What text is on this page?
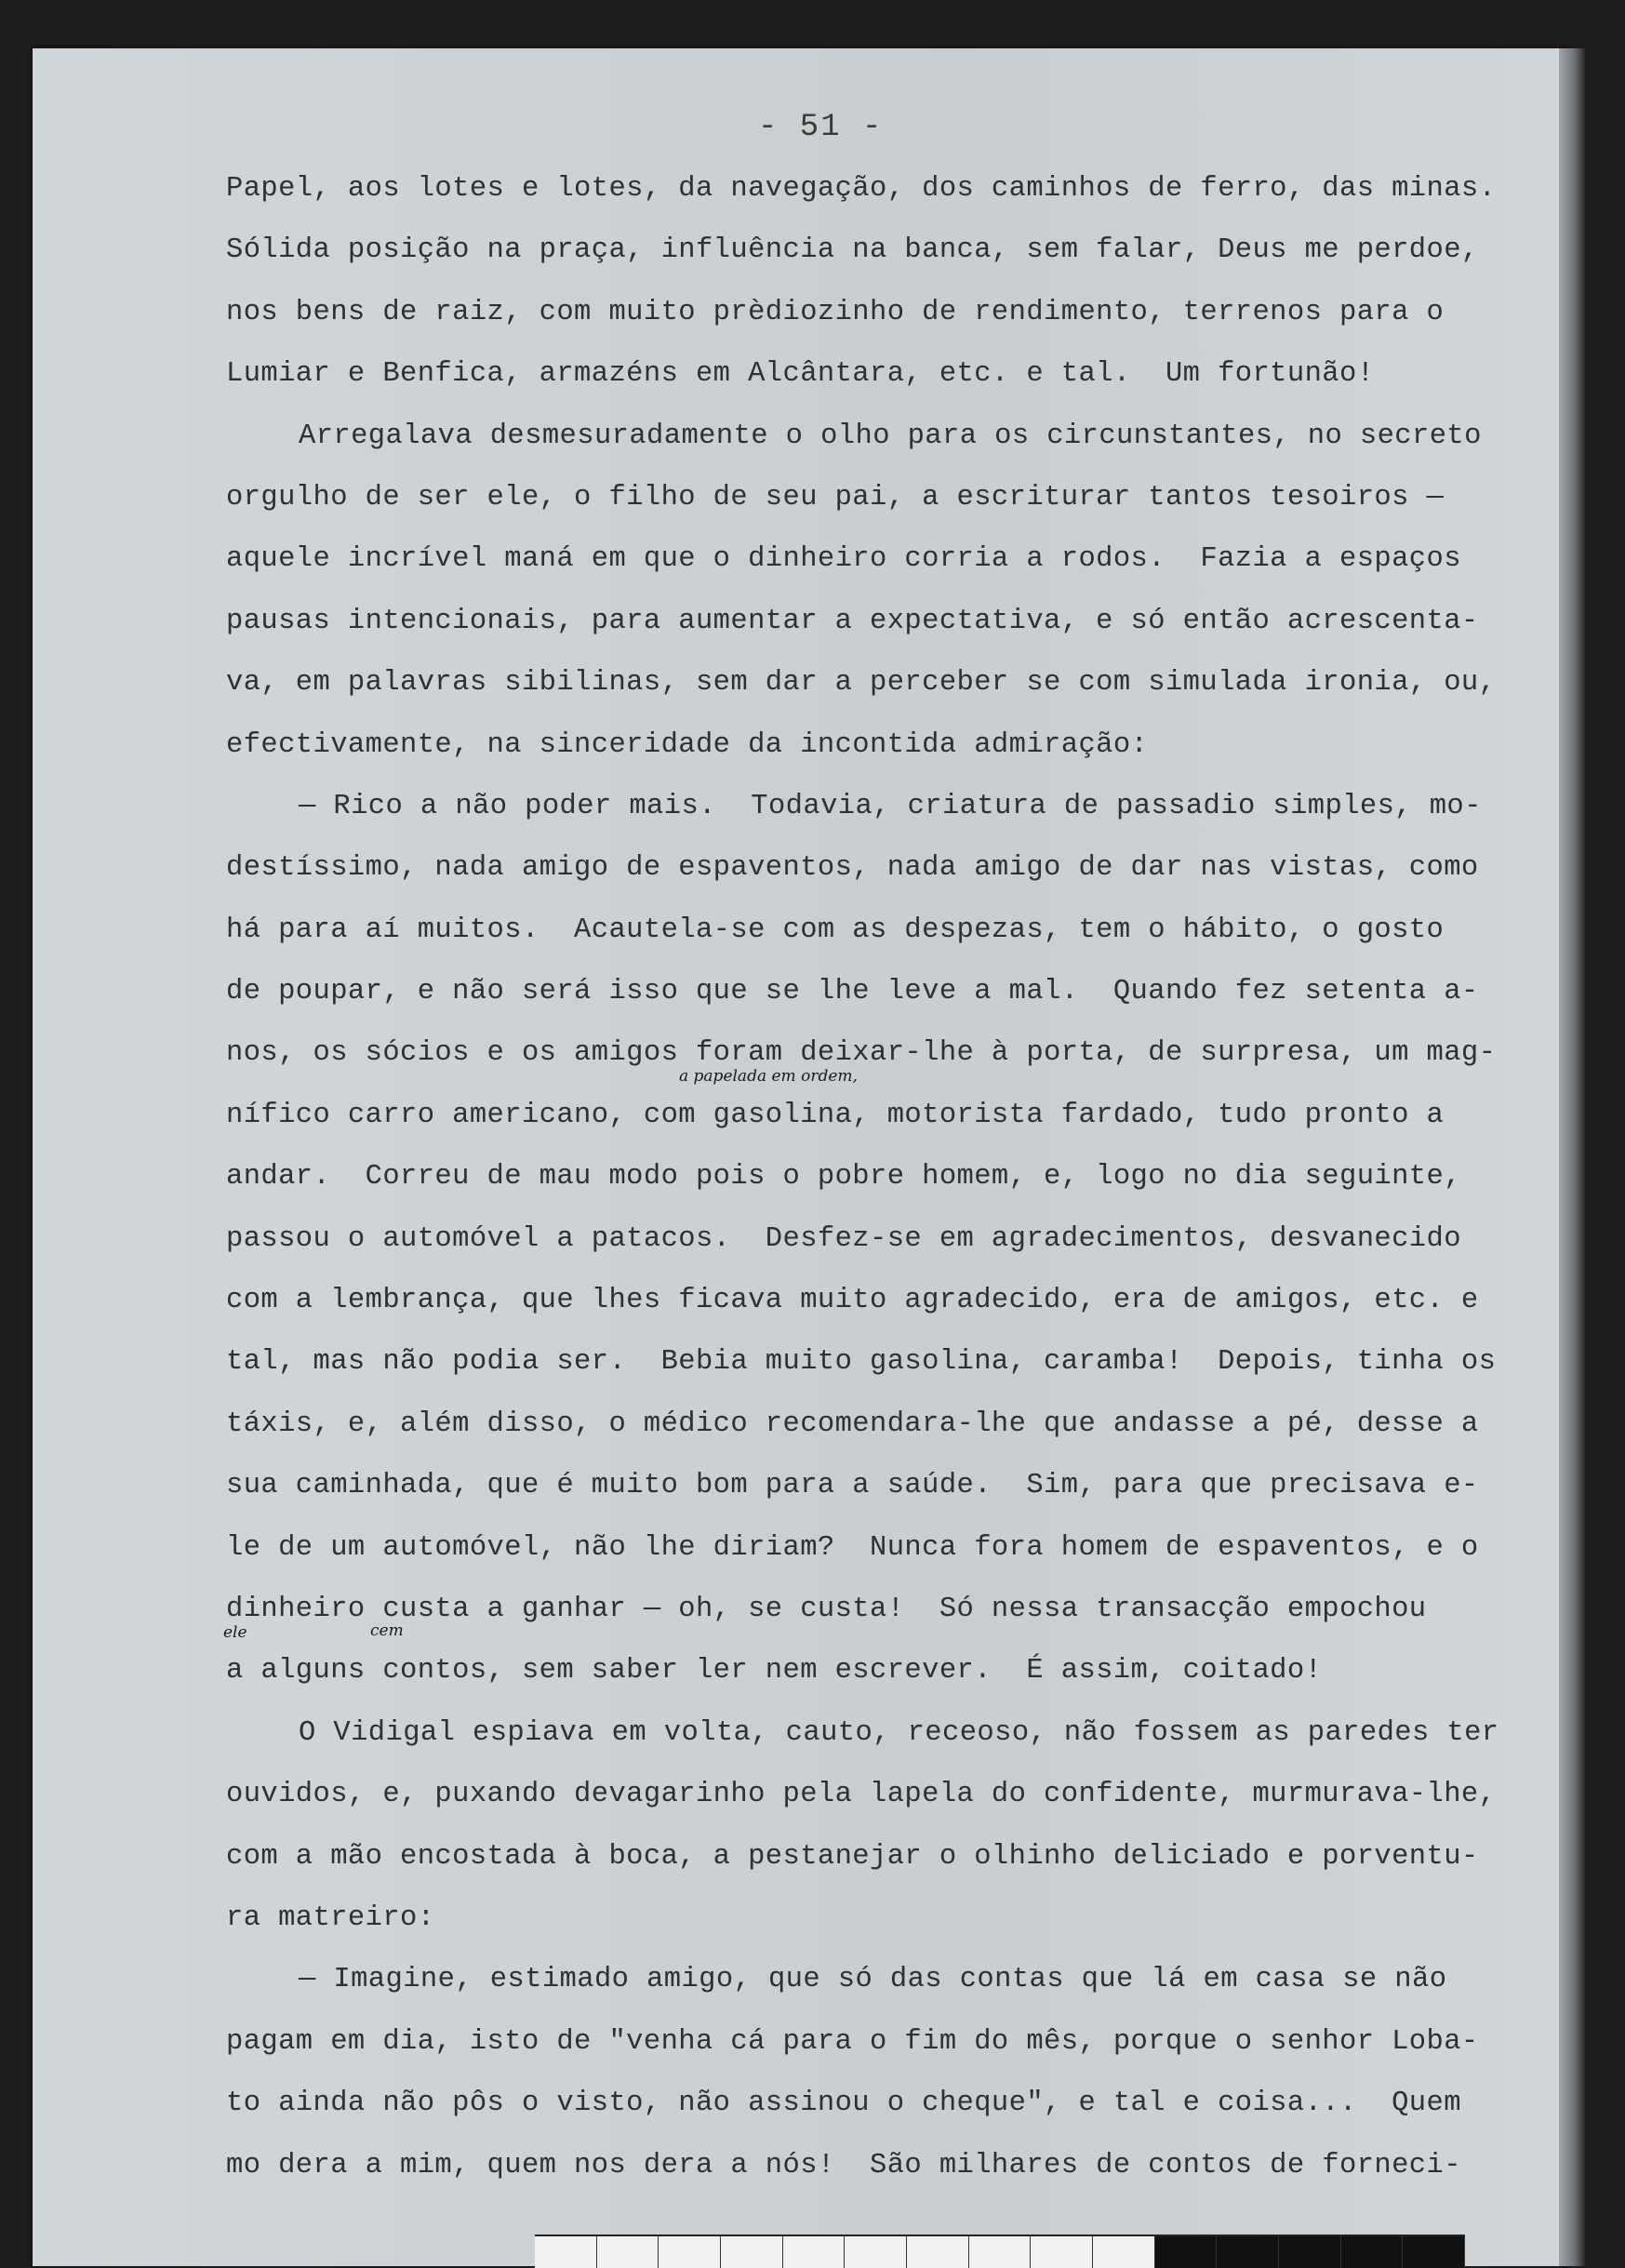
- 51 -
a papelada em ordem,
ele	cem
Papel, aos lotes e lotes, da navegação, dos caminhos de ferro, das minas.
Sólida posição na praça, influência na banca, sem falar, Deus me perdoe,
nos bens de raiz, com muito prèdiozinho de rendimento, terrenos para o
Lumiar e Benfica, armazéns em Alcântara, etc. e tal.  Um fortunão!
Arregalava desmesuradamente o olho para os circunstantes, no secreto
orgulho de ser ele, o filho de seu pai, a escriturar tantos tesoiros —
aquele incrível maná em que o dinheiro corria a rodos.  Fazia a espaços
pausas intencionais, para aumentar a expectativa, e só então acrescenta-
va, em palavras sibilinas, sem dar a perceber se com simulada ironia, ou,
efectivamente, na sinceridade da incontida admiração:
— Rico a não poder mais.  Todavia, criatura de passadio simples, mo-
destíssimo, nada amigo de espaventos, nada amigo de dar nas vistas, como
há para aí muitos.  Acautela-se com as despezas, tem o hábito, o gosto
de poupar, e não será isso que se lhe leve a mal.  Quando fez setenta a-
nos, os sócios e os amigos foram deixar-lhe à porta, de surpresa, um mag-
nífico carro americano, com gasolina, motorista fardado, tudo pronto a
andar.  Correu de mau modo pois o pobre homem, e, logo no dia seguinte,
passou o automóvel a patacos.  Desfez-se em agradecimentos, desvanecido
com a lembrança, que lhes ficava muito agradecido, era de amigos, etc. e
tal, mas não podia ser.  Bebia muito gasolina, caramba!  Depois, tinha os
táxis, e, além disso, o médico recomendara-lhe que andasse a pé, desse a
sua caminhada, que é muito bom para a saúde.  Sim, para que precisava e-
le de um automóvel, não lhe diriam?  Nunca fora homem de espaventos, e o
dinheiro custa a ganhar — oh, se custa!  Só nessa transacção empochou
a alguns contos, sem saber ler nem escrever.  É assim, coitado!
O Vidigal espiava em volta, cauto, receoso, não fossem as paredes ter
ouvidos, e, puxando devagarinho pela lapela do confidente, murmurava-lhe,
com a mão encostada à boca, a pestanejar o olhinho deliciado e porventu-
ra matreiro:
— Imagine, estimado amigo, que só das contas que lá em casa se não
pagam em dia, isto de "venha cá para o fim do mês, porque o senhor Loba-
to ainda não pôs o visto, não assinou o cheque", e tal e coisa...  Quem
mo dera a mim, quem nos dera a nós!  São milhares de contos de forneci-
